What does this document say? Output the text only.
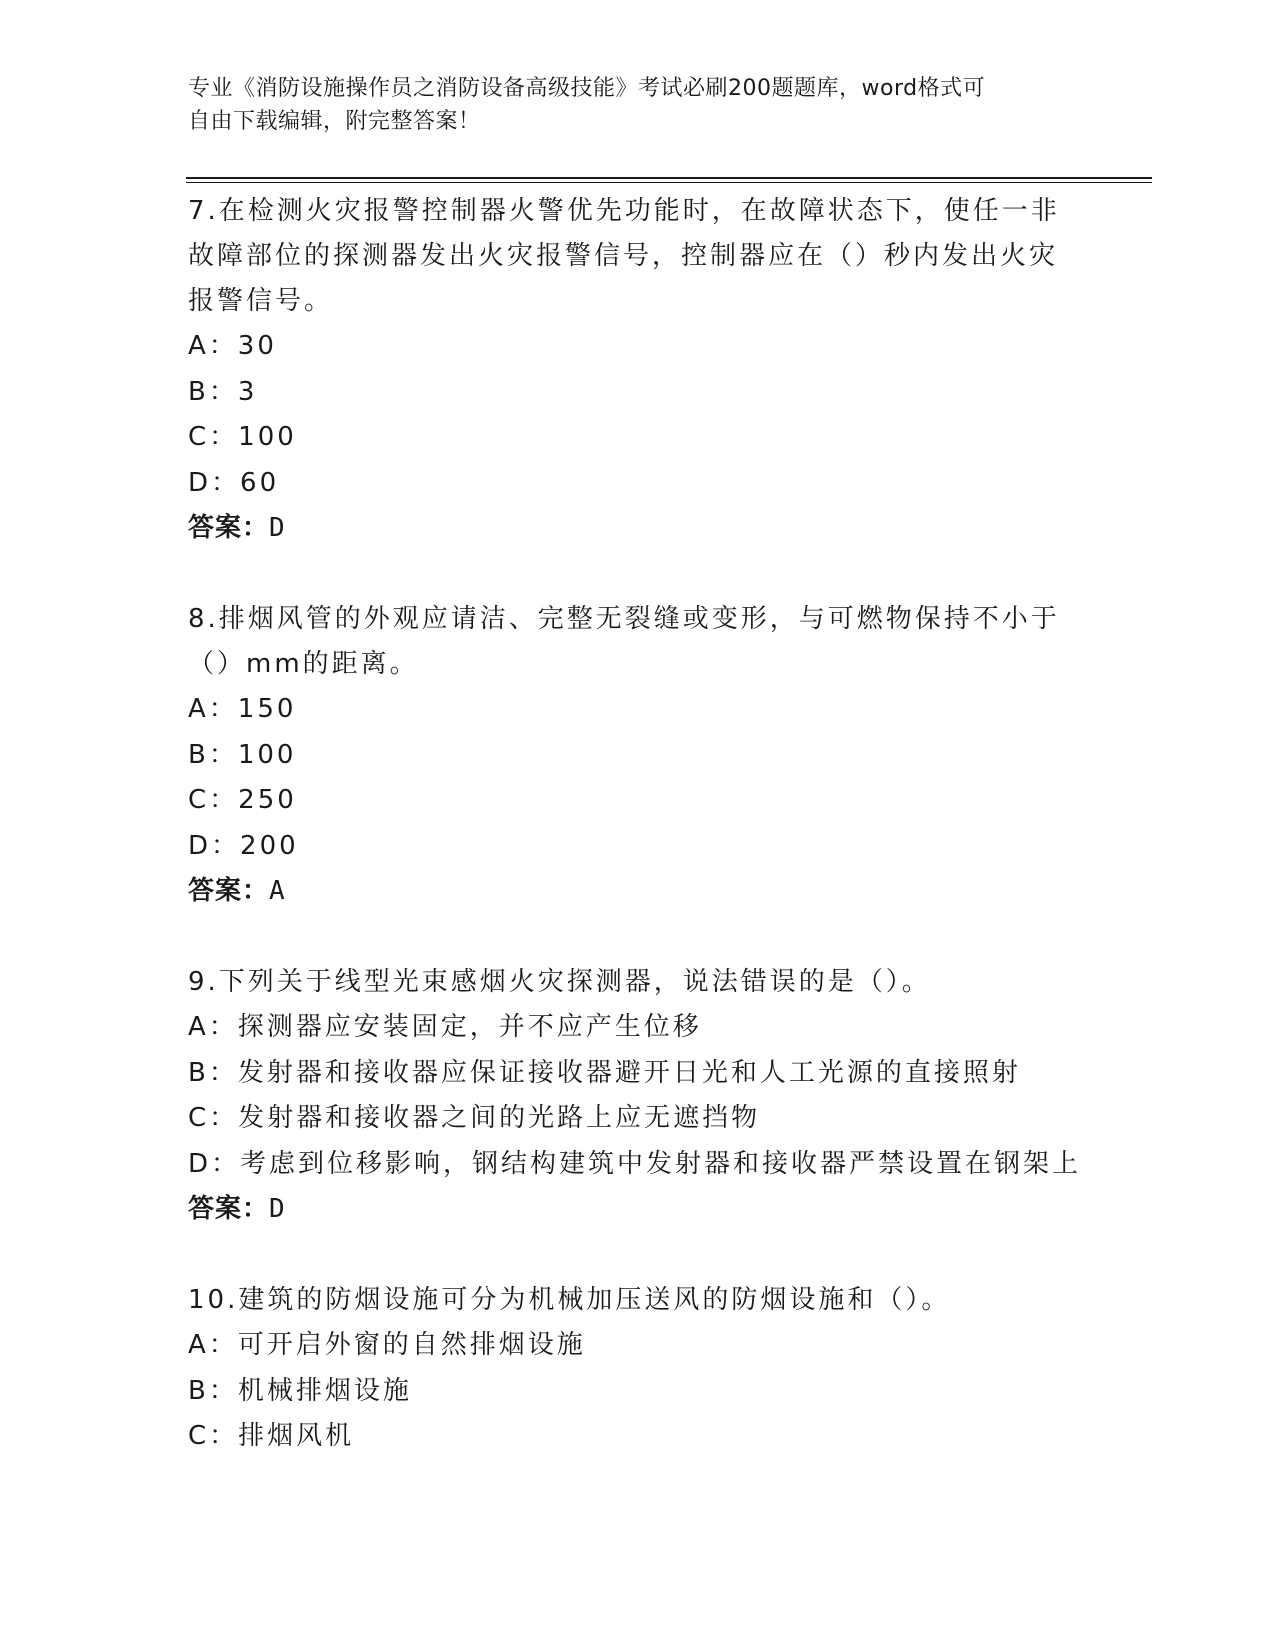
专业《消防设施操作员之消防设备高级技能》考试必刷200题题库，word格式可
自由下载编辑，附完整答案！

7.在检测火灾报警控制器火警优先功能时，在故障状态下，使任一非

故障部位的探测器发出火灾报警信号，控制器应在（）秒内发出火灾

报警信号。

A：30

B：3

C：100

D：60

答案：D

8.排烟风管的外观应请洁、完整无裂缝或变形，与可燃物保持不小于

（）mm的距离。

A：150

B：100

C：250

D：200

答案：A

9.下列关于线型光束感烟火灾探测器，说法错误的是（）。

A：探测器应安装固定，并不应产生位移

B：发射器和接收器应保证接收器避开日光和人工光源的直接照射

C：发射器和接收器之间的光路上应无遮挡物

D：考虑到位移影响，钢结构建筑中发射器和接收器严禁设置在钢架上

答案：D

10.建筑的防烟设施可分为机械加压送风的防烟设施和（）。

A：可开启外窗的自然排烟设施

B：机械排烟设施

C：排烟风机
